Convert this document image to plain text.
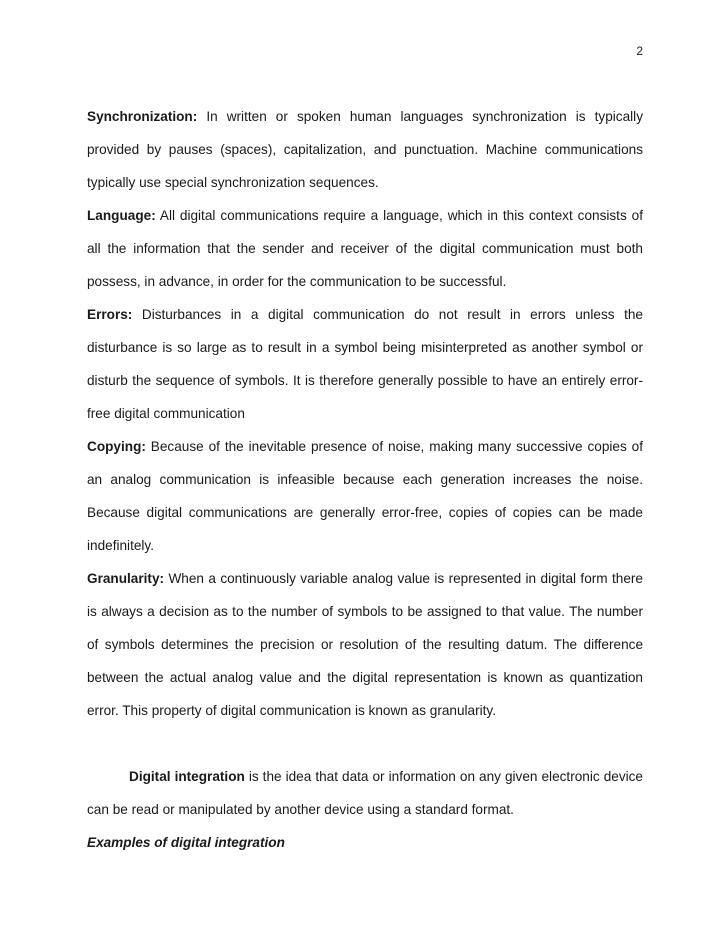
2

Synchronization: In written or spoken human languages synchronization is typically provided by pauses (spaces), capitalization, and punctuation. Machine communications typically use special synchronization sequences.

Language: All digital communications require a language, which in this context consists of all the information that the sender and receiver of the digital communication must both possess, in advance, in order for the communication to be successful.

Errors: Disturbances in a digital communication do not result in errors unless the disturbance is so large as to result in a symbol being misinterpreted as another symbol or disturb the sequence of symbols. It is therefore generally possible to have an entirely error-free digital communication

Copying: Because of the inevitable presence of noise, making many successive copies of an analog communication is infeasible because each generation increases the noise. Because digital communications are generally error-free, copies of copies can be made indefinitely.

Granularity: When a continuously variable analog value is represented in digital form there is always a decision as to the number of symbols to be assigned to that value. The number of symbols determines the precision or resolution of the resulting datum. The difference between the actual analog value and the digital representation is known as quantization error. This property of digital communication is known as granularity.

Digital integration is the idea that data or information on any given electronic device can be read or manipulated by another device using a standard format.

Examples of digital integration
